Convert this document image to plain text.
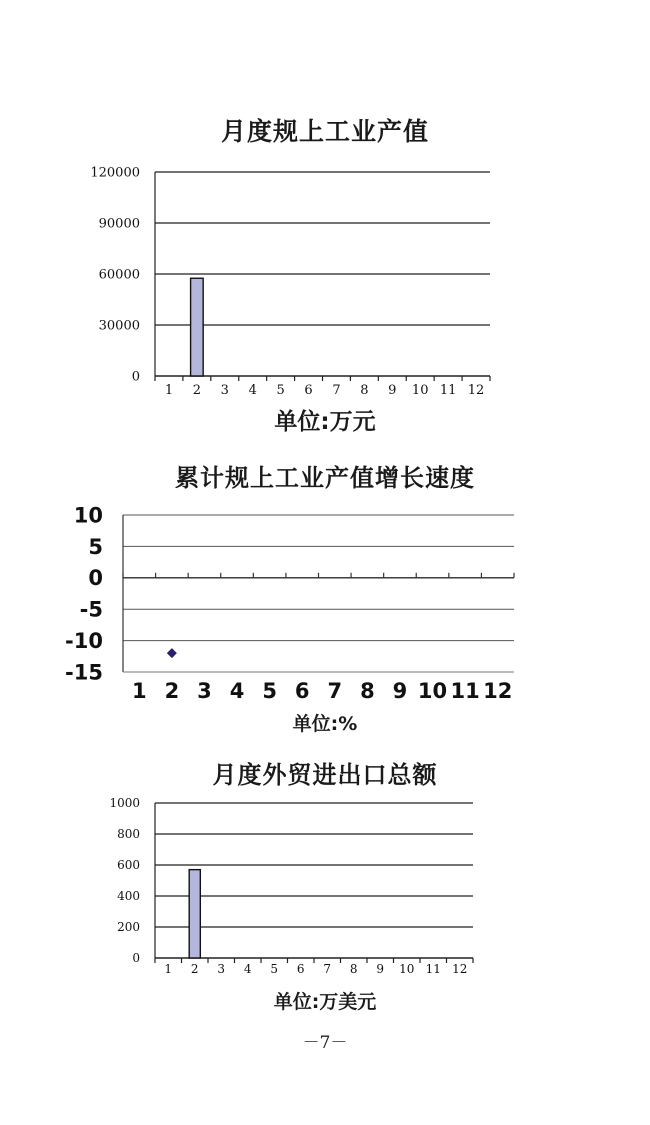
月度规上工业产值
0
30000
60000
90000
120000
1 2 3 4 5 6 7 8 9 10 11 12
单位:万元
累计规上工业产值增长速度
-15
-10
-5
0
5
10
1 2 3 4 5 6 7 8 9 10 11 12
单位:%
月度外贸进出口总额
0
200
400
600
800
1000
1 2 3 4 5 6 7 8 9 10 11 12
单位:万美元
－7－
